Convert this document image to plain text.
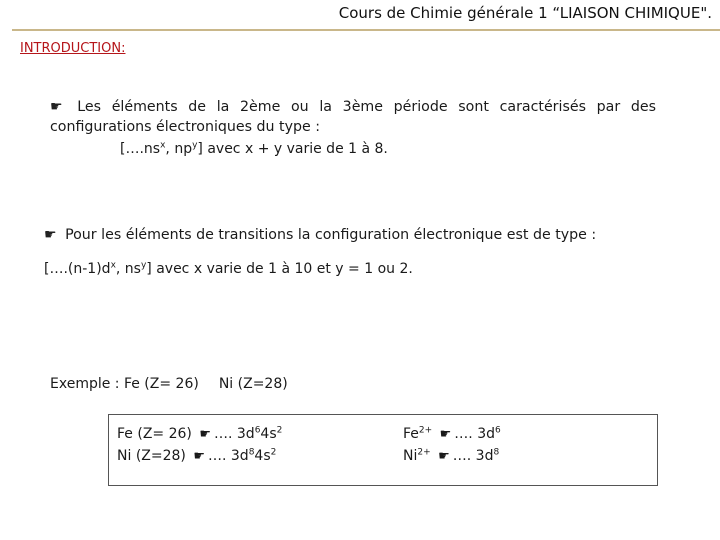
Cours de Chimie générale 1 “LIAISON CHIMIQUE".
INTRODUCTION:
☛ Les éléments de la 2ème ou la 3ème période sont caractérisés par des configurations électroniques du type :
[$\dots.ns^x$, $np^y$] avec x + y varie de 1 à 8.
☛ Pour les éléments de transitions la configuration électronique est de type :
[$\dots.(n-1)d^x$, $ns^y$] avec x varie de 1 à 10 et y = 1 ou 2.
Exemple : Fe (Z= 26) Ni (Z=28)
Fe (Z= 26) ☛ …. $3d^64s^2$
Ni (Z=28) ☛ …. $3d^84s^2$
$Fe^{2+}$ ☛ …. $3d^6$
$Ni^{2+}$ ☛ …. $3d^8$
